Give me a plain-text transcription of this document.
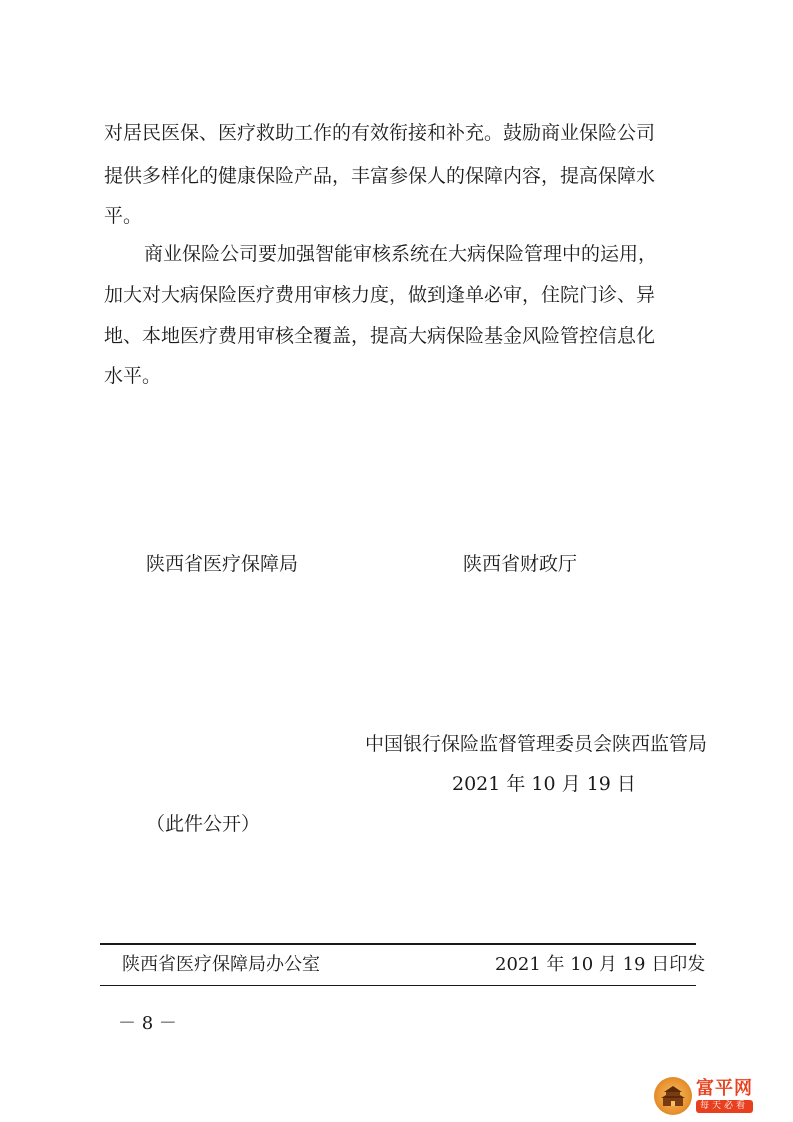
对居民医保、医疗救助工作的有效衔接和补充。鼓励商业保险公司
提供多样化的健康保险产品，丰富参保人的保障内容，提高保障水
平。
商业保险公司要加强智能审核系统在大病保险管理中的运用，
加大对大病保险医疗费用审核力度，做到逢单必审，住院门诊、异
地、本地医疗费用审核全覆盖，提高大病保险基金风险管控信息化
水平。
陕西省医疗保障局	陕西省财政厅
中国银行保险监督管理委员会陕西监管局
2021 年 10 月 19 日
（此件公开）
陕西省医疗保障局办公室	2021 年 10 月 19 日印发
－ 8 －
富平网
每天必看
